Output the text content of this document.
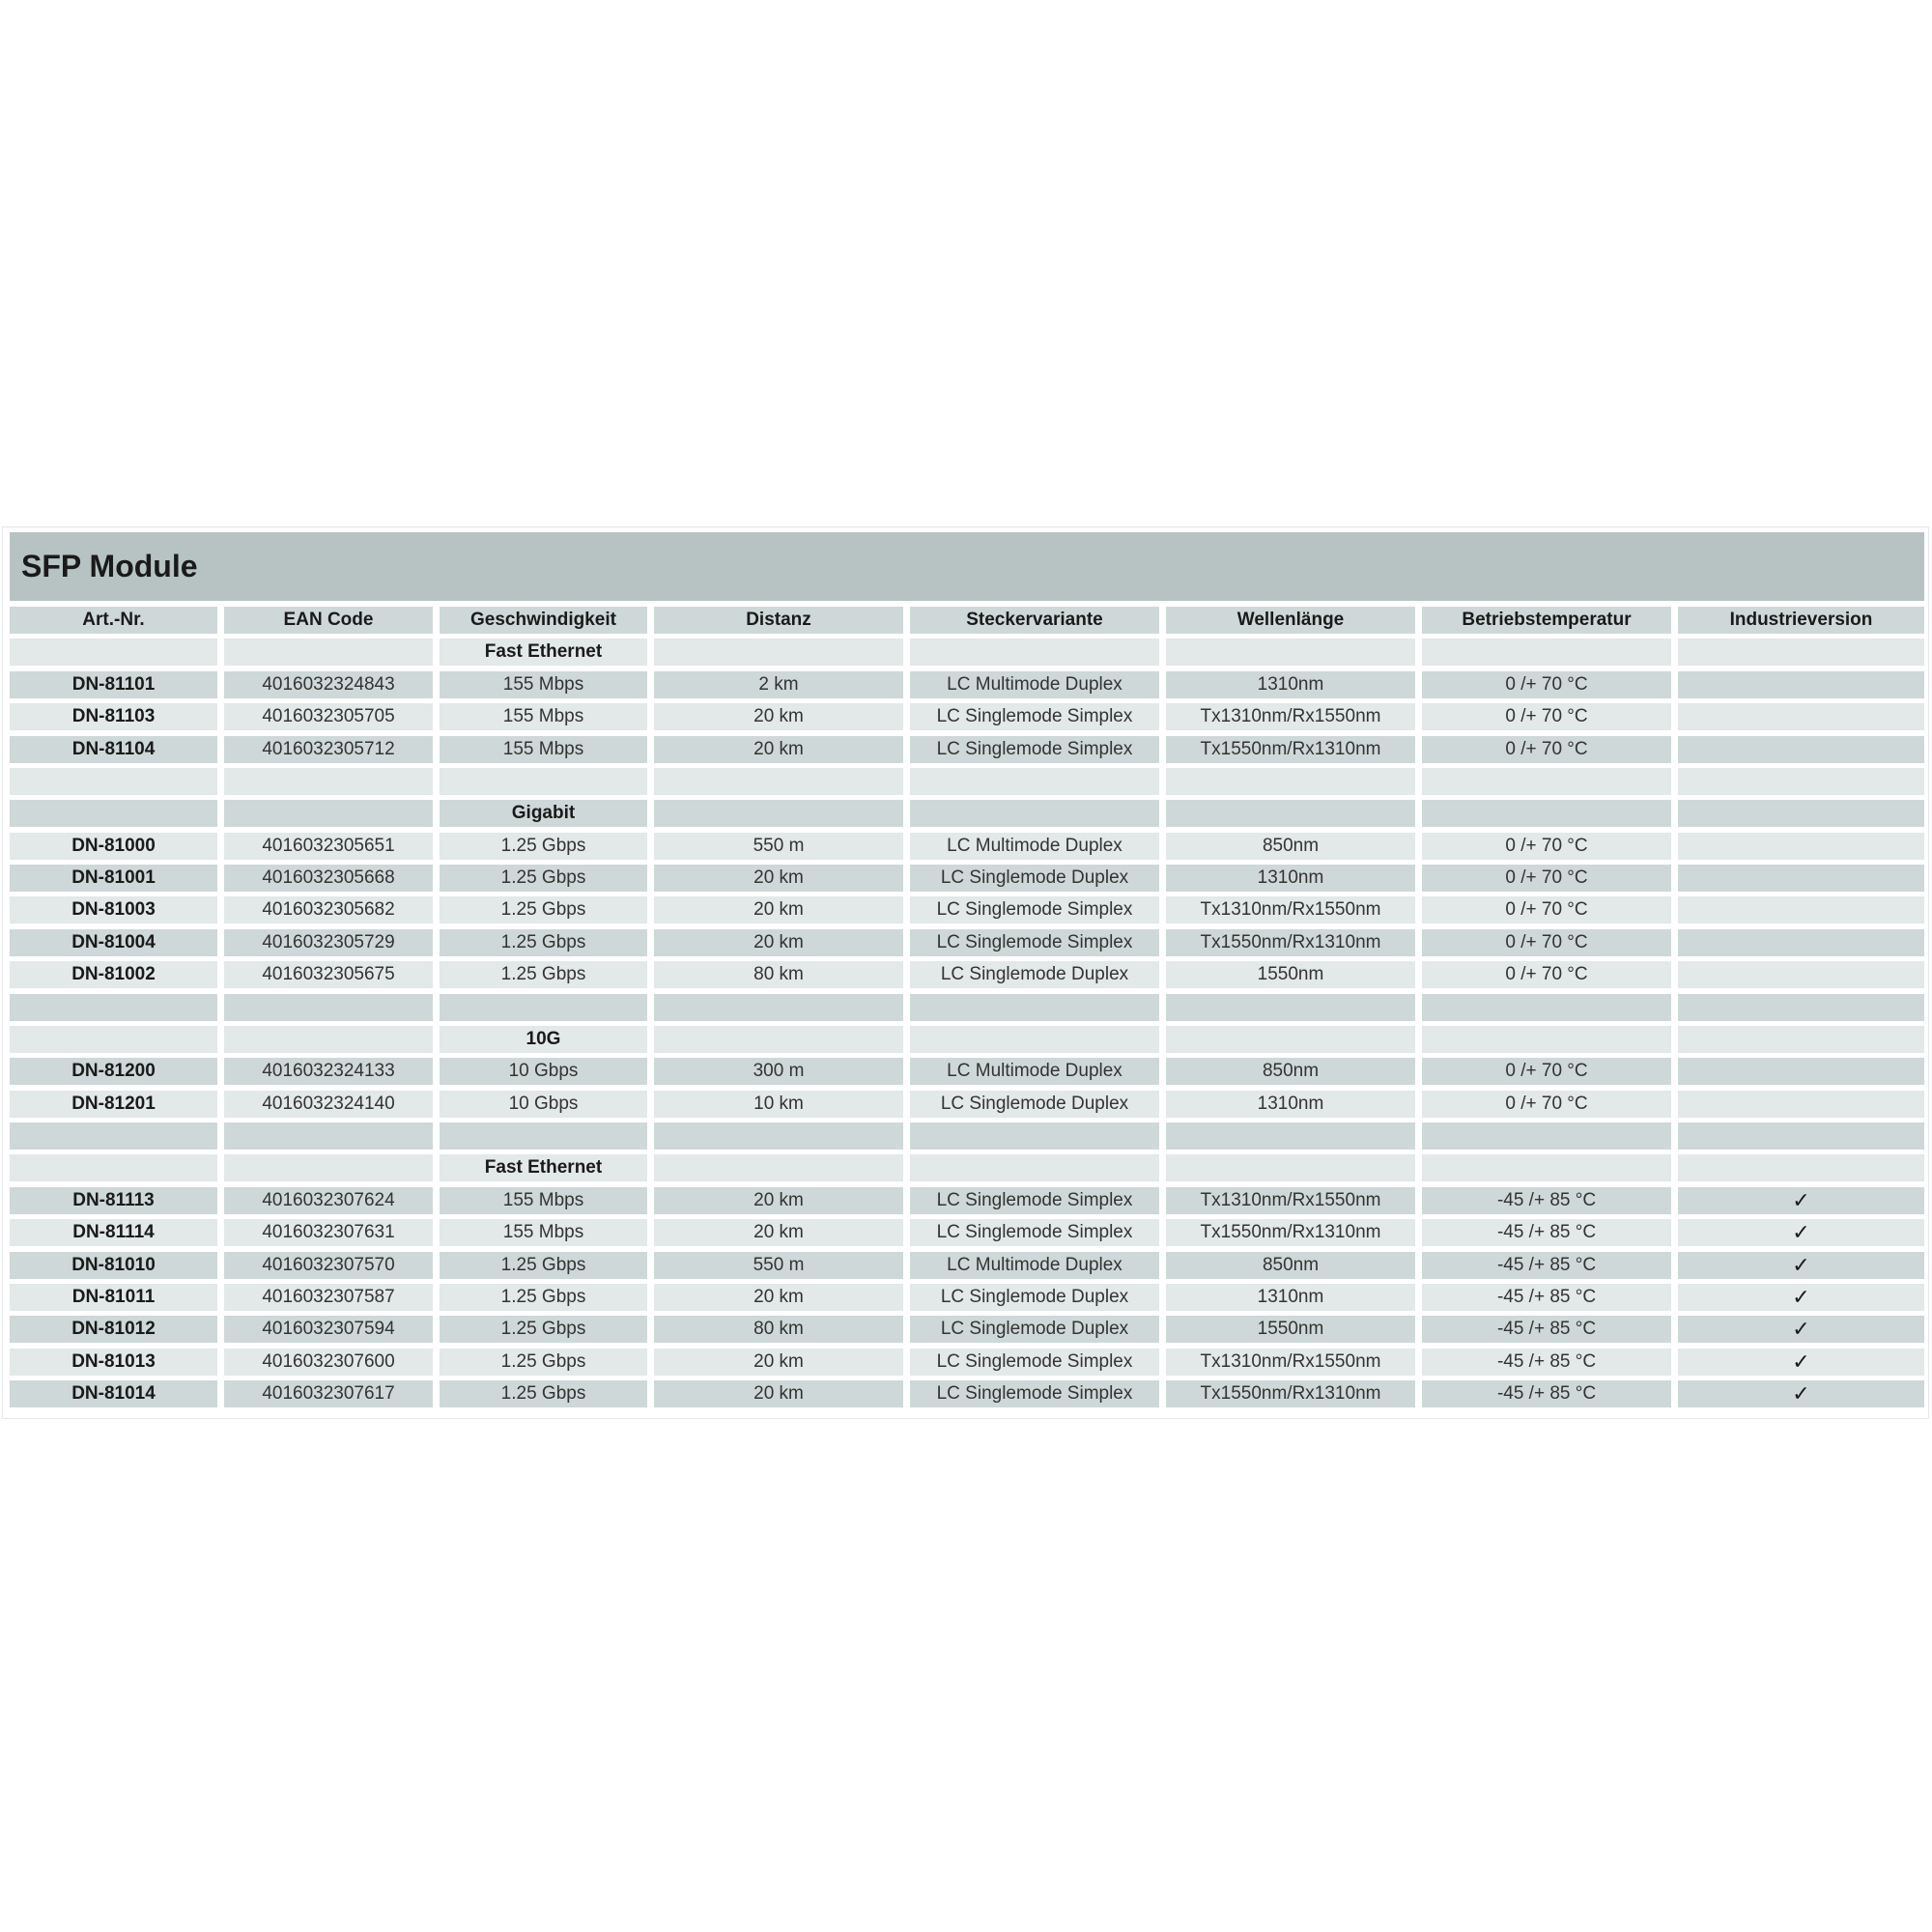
SFP Module
Art.-Nr.	EAN Code	Geschwindigkeit	Distanz	Steckervariante	Wellenlänge	Betriebstemperatur	Industrieversion
Fast Ethernet
DN-81101	4016032324843	155 Mbps	2 km	LC Multimode Duplex	1310nm	0 /+ 70 °C
DN-81103	4016032305705	155 Mbps	20 km	LC Singlemode Simplex	Tx1310nm/Rx1550nm	0 /+ 70 °C
DN-81104	4016032305712	155 Mbps	20 km	LC Singlemode Simplex	Tx1550nm/Rx1310nm	0 /+ 70 °C
Gigabit
DN-81000	4016032305651	1.25 Gbps	550 m	LC Multimode Duplex	850nm	0 /+ 70 °C
DN-81001	4016032305668	1.25 Gbps	20 km	LC Singlemode Duplex	1310nm	0 /+ 70 °C
DN-81003	4016032305682	1.25 Gbps	20 km	LC Singlemode Simplex	Tx1310nm/Rx1550nm	0 /+ 70 °C
DN-81004	4016032305729	1.25 Gbps	20 km	LC Singlemode Simplex	Tx1550nm/Rx1310nm	0 /+ 70 °C
DN-81002	4016032305675	1.25 Gbps	80 km	LC Singlemode Duplex	1550nm	0 /+ 70 °C
10G
DN-81200	4016032324133	10 Gbps	300 m	LC Multimode Duplex	850nm	0 /+ 70 °C
DN-81201	4016032324140	10 Gbps	10 km	LC Singlemode Duplex	1310nm	0 /+ 70 °C
Fast Ethernet
DN-81113	4016032307624	155 Mbps	20 km	LC Singlemode Simplex	Tx1310nm/Rx1550nm	-45 /+ 85 °C	✓
DN-81114	4016032307631	155 Mbps	20 km	LC Singlemode Simplex	Tx1550nm/Rx1310nm	-45 /+ 85 °C	✓
DN-81010	4016032307570	1.25 Gbps	550 m	LC Multimode Duplex	850nm	-45 /+ 85 °C	✓
DN-81011	4016032307587	1.25 Gbps	20 km	LC Singlemode Duplex	1310nm	-45 /+ 85 °C	✓
DN-81012	4016032307594	1.25 Gbps	80 km	LC Singlemode Duplex	1550nm	-45 /+ 85 °C	✓
DN-81013	4016032307600	1.25 Gbps	20 km	LC Singlemode Simplex	Tx1310nm/Rx1550nm	-45 /+ 85 °C	✓
DN-81014	4016032307617	1.25 Gbps	20 km	LC Singlemode Simplex	Tx1550nm/Rx1310nm	-45 /+ 85 °C	✓
